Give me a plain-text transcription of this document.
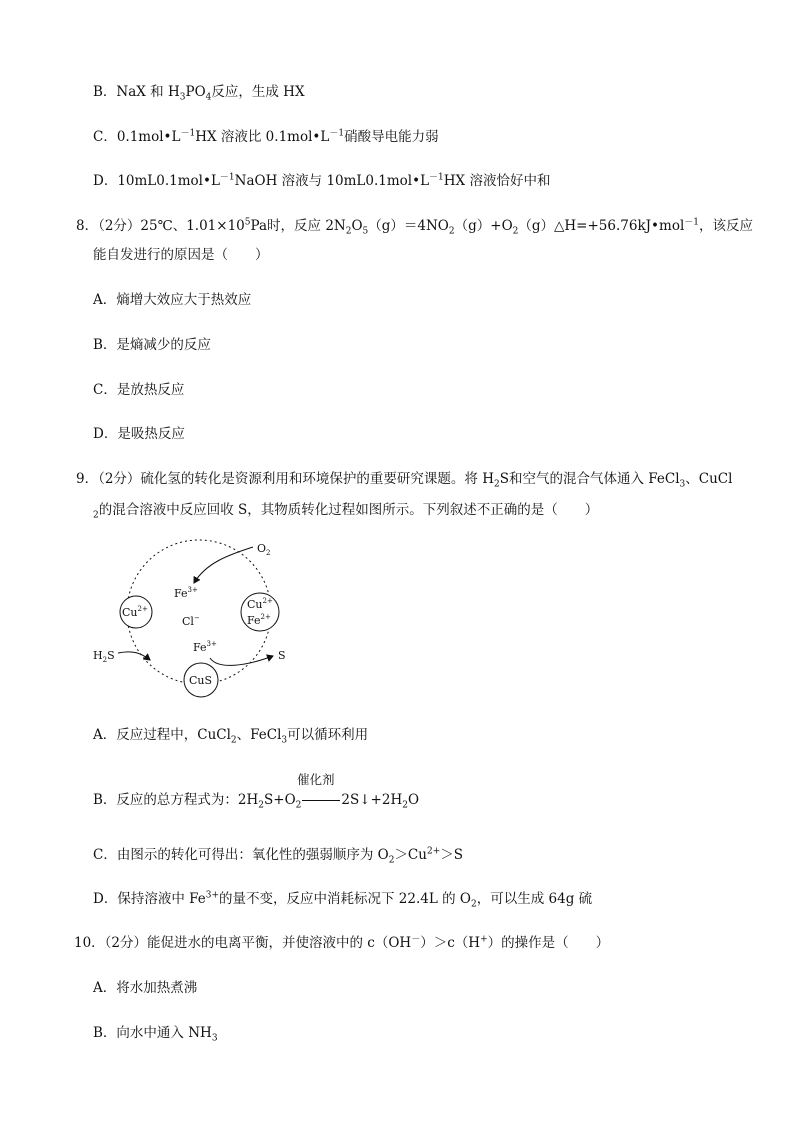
B．NaX 和 $H_3PO_4$反应，生成 HX
C．$0.1mol•L^{-1}HX$ 溶液比 $0.1mol•L^{-1}$硝酸导电能力弱
D．$10mL0.1mol•L^{-1}NaOH$ 溶液与 $10mL0.1mol•L^{-1}HX$ 溶液恰好中和
8．（2分）25℃、$1.01\times 10^5Pa$时，反应 $2N_2O_5(g)=4NO_2(g)+O_2(g)\triangle H=+56.76kJ•mol^{-1}$，该反应
能自发进行的原因是（　　）
A．熵增大效应大于热效应
B．是熵减少的反应
C．是放热反应
D．是吸热反应
9．（2分）硫化氢的转化是资源利用和环境保护的重要研究课题。将 $H_2S$和空气的混合气体通入 FeCl$_3$、CuCl
$_2$的混合溶液中反应回收 S，其物质转化过程如图所示。下列叙述不正确的是（　　）
$O_2$
$Fe^{3+}$
Cl−
$Cu^{2+}$	$Cu^{2+}$
$Fe^{2+}$
$Fe^{3+}$
$H_2S$	S
CuS
A．反应过程中，CuCl$_2$、FeCl$_3$可以循环利用
催化剂
B．反应的总方程式为：$2H_2S+O_2$	$2S↓+2H_2O$
C．由图示的转化可得出：氧化性的强弱顺序为 $O_2>Cu^{2+}>S$
D．保持溶液中 $Fe^{3+}$的量不变，反应中消耗标况下 22.4L 的 $O_2$，可以生成 64g 硫
10．（2分）能促进水的电离平衡，并使溶液中的 c（OH－）＞c（H+）的操作是（　　）
A．将水加热煮沸
B．向水中通入 $NH_3$
